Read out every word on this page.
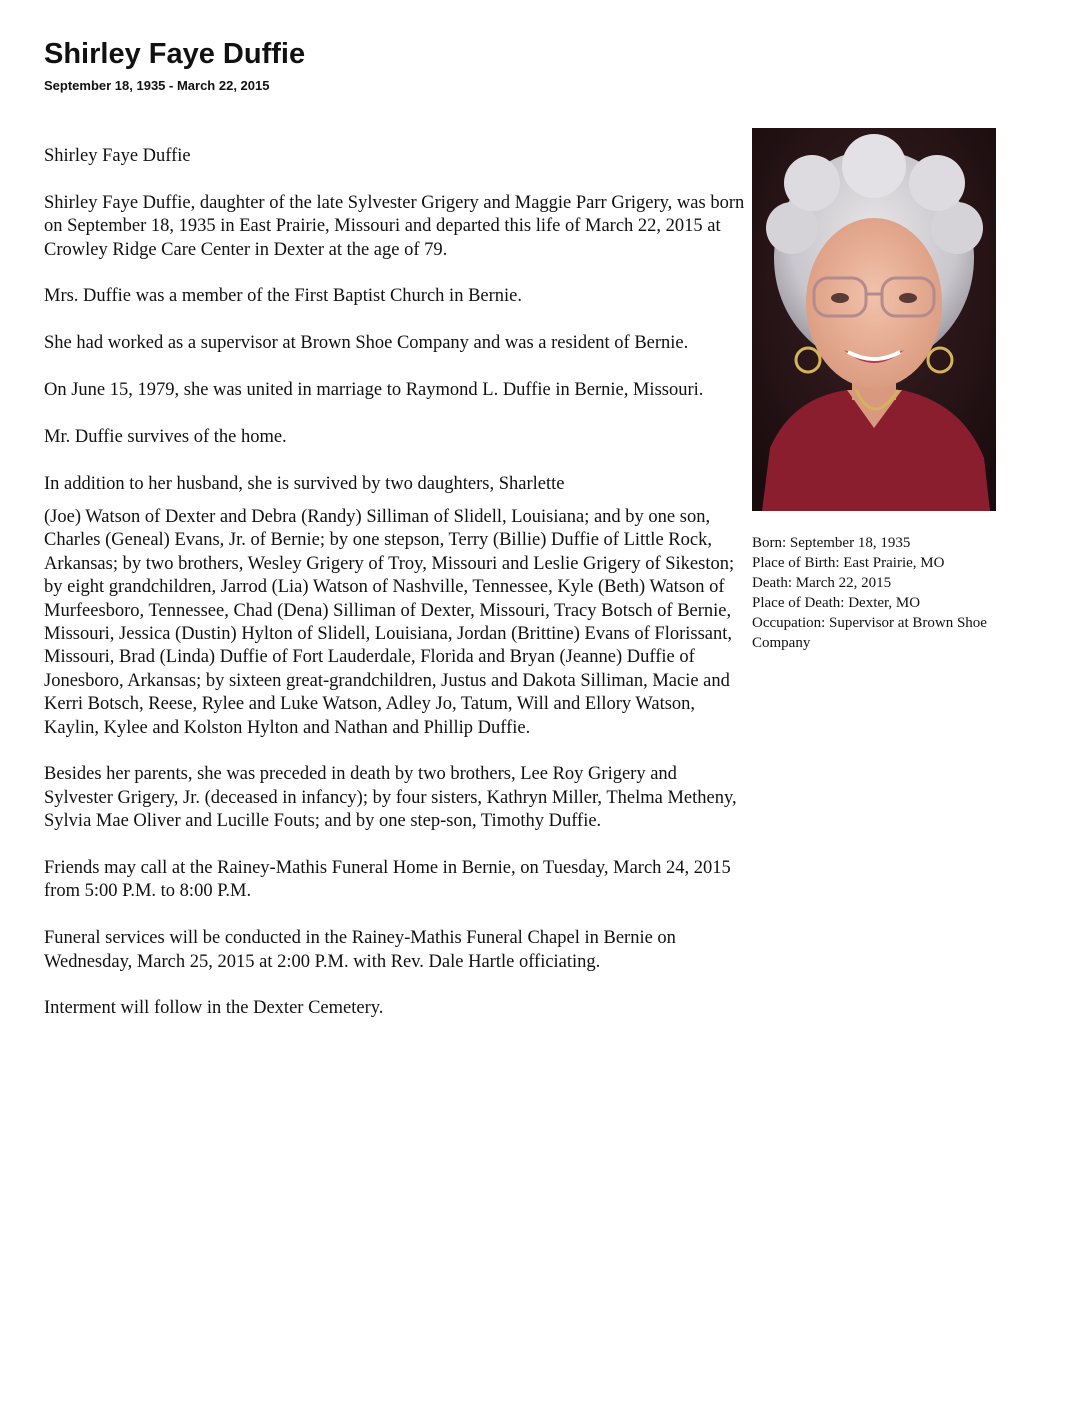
Shirley Faye Duffie
September 18, 1935 - March 22, 2015

Shirley Faye Duffie

Shirley Faye Duffie, daughter of the late Sylvester Grigery and Maggie Parr Grigery, was born on September 18, 1935 in East Prairie, Missouri and departed this life of March 22, 2015 at Crowley Ridge Care Center in Dexter at the age of 79.

Mrs. Duffie was a member of the First Baptist Church in Bernie.

She had worked as a supervisor at Brown Shoe Company and was a resident of Bernie.

On June 15, 1979, she was united in marriage to Raymond L. Duffie in Bernie, Missouri.

Mr. Duffie survives of the home.

In addition to her husband, she is survived by two daughters, Sharlette

(Joe) Watson of Dexter and Debra (Randy) Silliman of Slidell, Louisiana; and by one son, Charles (Geneal) Evans, Jr. of Bernie; by one stepson, Terry (Billie) Duffie of Little Rock, Arkansas; by two brothers, Wesley Grigery of Troy, Missouri and Leslie Grigery of Sikeston; by eight grandchildren, Jarrod (Lia) Watson of Nashville, Tennessee, Kyle (Beth) Watson of Murfeesboro, Tennessee, Chad (Dena) Silliman of Dexter, Missouri, Tracy Botsch of Bernie, Missouri, Jessica (Dustin) Hylton of Slidell, Louisiana, Jordan (Brittine) Evans of Florissant, Missouri, Brad (Linda) Duffie of Fort Lauderdale, Florida and Bryan (Jeanne) Duffie of Jonesboro, Arkansas; by sixteen great-grandchildren, Justus and Dakota Silliman, Macie and Kerri Botsch, Reese, Rylee and Luke Watson, Adley Jo, Tatum, Will and Ellory Watson, Kaylin, Kylee and Kolston Hylton and Nathan and Phillip Duffie.

Besides her parents, she was preceded in death by two brothers, Lee Roy Grigery and Sylvester Grigery, Jr. (deceased in infancy); by four sisters, Kathryn Miller, Thelma Metheny, Sylvia Mae Oliver and Lucille Fouts; and by one step-son, Timothy Duffie.

Friends may call at the Rainey-Mathis Funeral Home in Bernie, on Tuesday, March 24, 2015 from 5:00 P.M. to 8:00 P.M.

Funeral services will be conducted in the Rainey-Mathis Funeral Chapel in Bernie on Wednesday, March 25, 2015 at 2:00 P.M. with Rev. Dale Hartle officiating.

Interment will follow in the Dexter Cemetery.

Born: September 18, 1935
Place of Birth: East Prairie, MO
Death: March 22, 2015
Place of Death: Dexter, MO
Occupation: Supervisor at Brown Shoe Company
